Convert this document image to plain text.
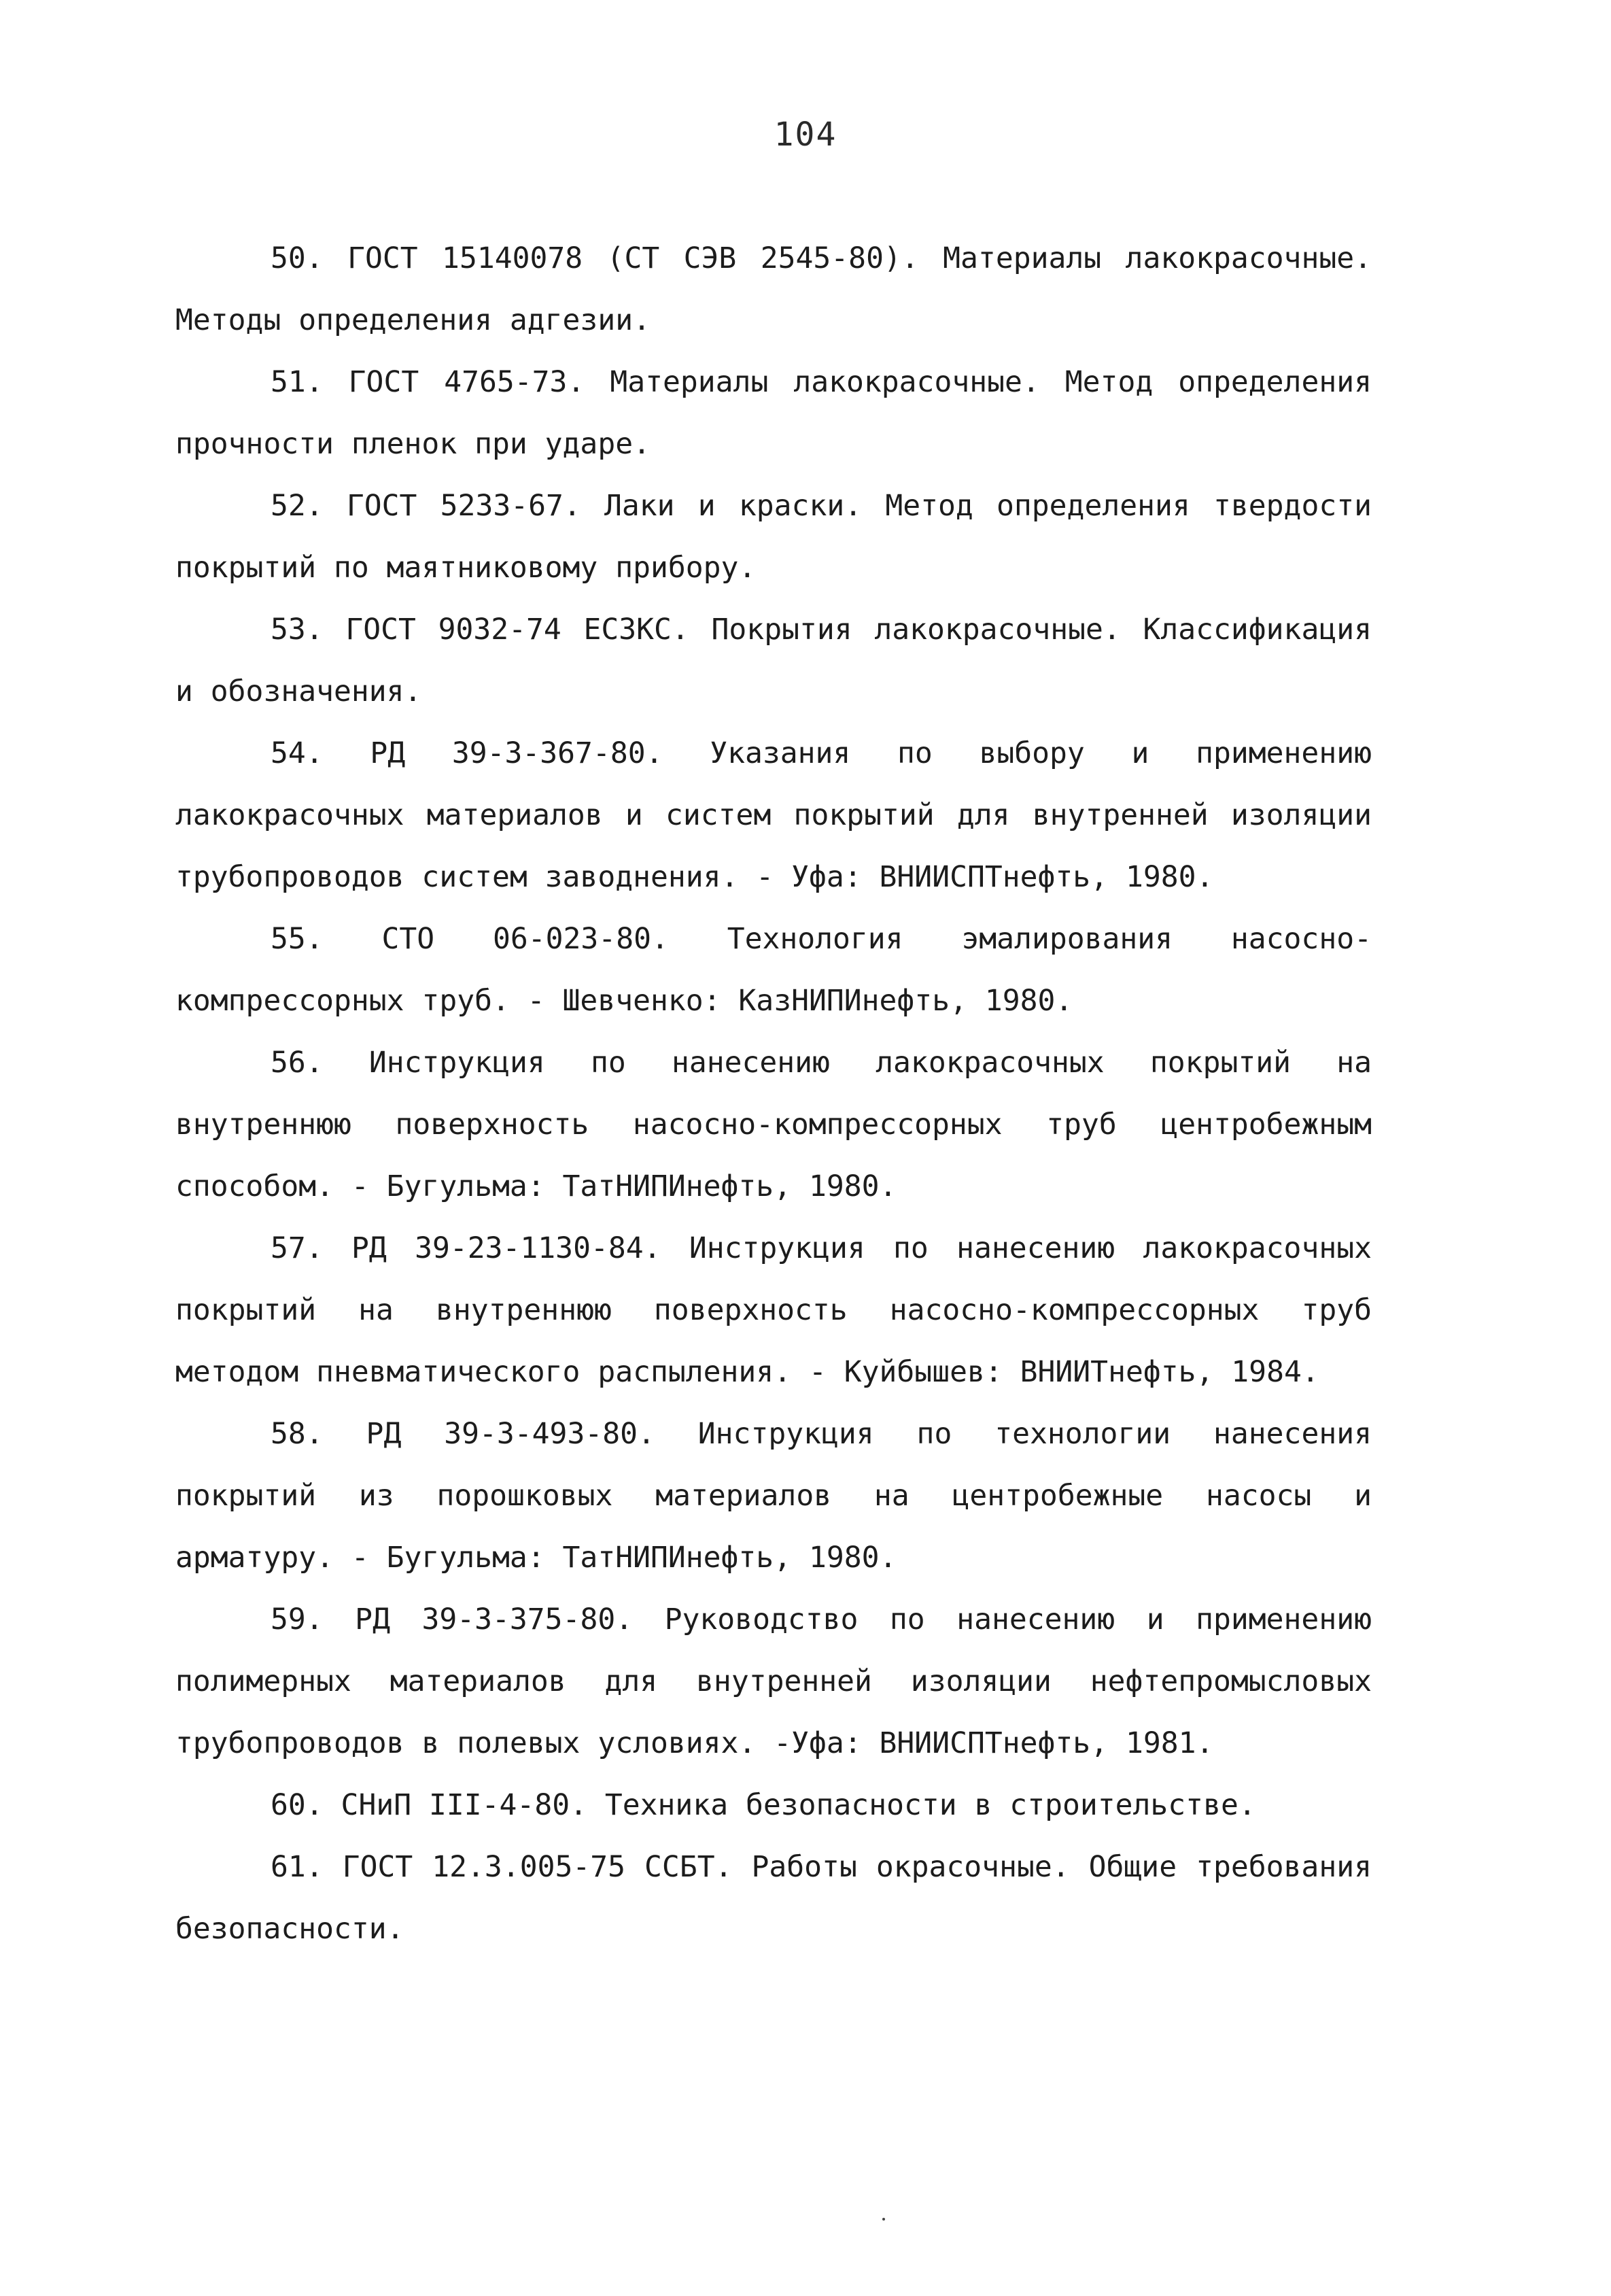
104

50. ГОСТ 15140078 (СТ СЭВ 2545-80). Материалы лакокрасочные. Методы определения адгезии.

51. ГОСТ 4765-73. Материалы лакокрасочные. Метод определения прочности пленок при ударе.

52. ГОСТ 5233-67. Лаки и краски. Метод определения твердости покрытий по маятниковому прибору.

53. ГОСТ 9032-74 ЕСЗКС. Покрытия лакокрасочные. Классификация и обозначения.

54. РД 39-3-367-80. Указания по выбору и применению лакокрасочных материалов и систем покрытий для внутренней изоляции трубопроводов систем заводнения. - Уфа: ВНИИСПТнефть, 1980.

55. СТО 06-023-80. Технология эмалирования насосно-компрессорных труб. - Шевченко: КазНИПИнефть, 1980.

56. Инструкция по нанесению лакокрасочных покрытий на внутреннюю поверхность насосно-компрессорных труб центробежным способом. - Бугульма: ТатНИПИнефть, 1980.

57. РД 39-23-1130-84. Инструкция по нанесению лакокрасочных покрытий на внутреннюю поверхность насосно-компрессорных труб методом пневматического распыления. - Куйбышев: ВНИИТнефть, 1984.

58. РД 39-3-493-80. Инструкция по технологии нанесения покрытий из порошковых материалов на центробежные насосы и арматуру. - Бугульма: ТатНИПИнефть, 1980.

59. РД 39-3-375-80. Руководство по нанесению и применению полимерных материалов для внутренней изоляции нефтепромысловых трубопроводов в полевых условиях. -Уфа: ВНИИСПТнефть, 1981.

60. СНиП III-4-80. Техника безопасности в строительстве.

61. ГОСТ 12.3.005-75 ССБТ. Работы окрасочные. Общие требования безопасности.
